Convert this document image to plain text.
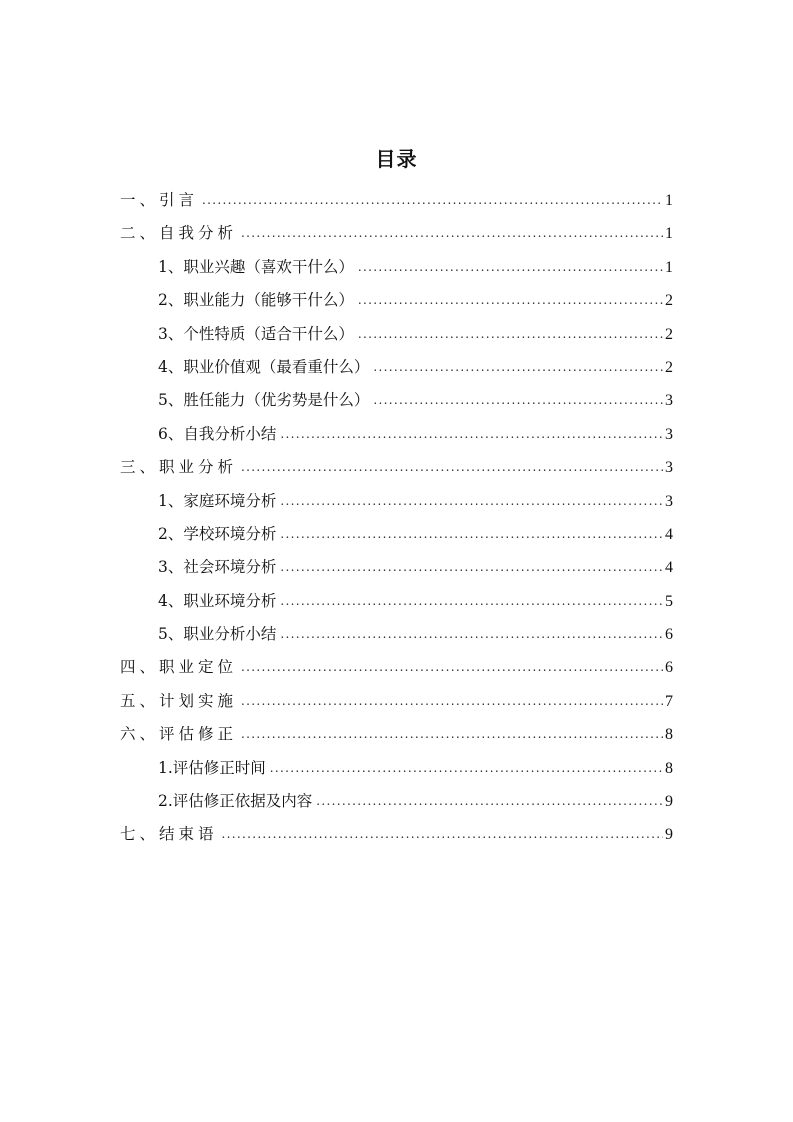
目录
一、引言 .....	1
二、自我分析 .....	1
1、职业兴趣（喜欢干什么） .....	1
2、职业能力（能够干什么） .....	2
3、个性特质（适合干什么） .....	2
4、职业价值观（最看重什么） .....	2
5、胜任能力（优劣势是什么） .....	3
6、自我分析小结 .....	3
三、职业分析 .....	3
1、家庭环境分析 .....	3
2、学校环境分析 .....	4
3、社会环境分析 .....	4
4、职业环境分析 .....	5
5、职业分析小结 .....	6
四、职业定位 .....	6
五、计划实施 .....	7
六、评估修正 .....	8
1.评估修正时间 .....	8
2.评估修正依据及内容 .....	9
七、结束语 .....	9
